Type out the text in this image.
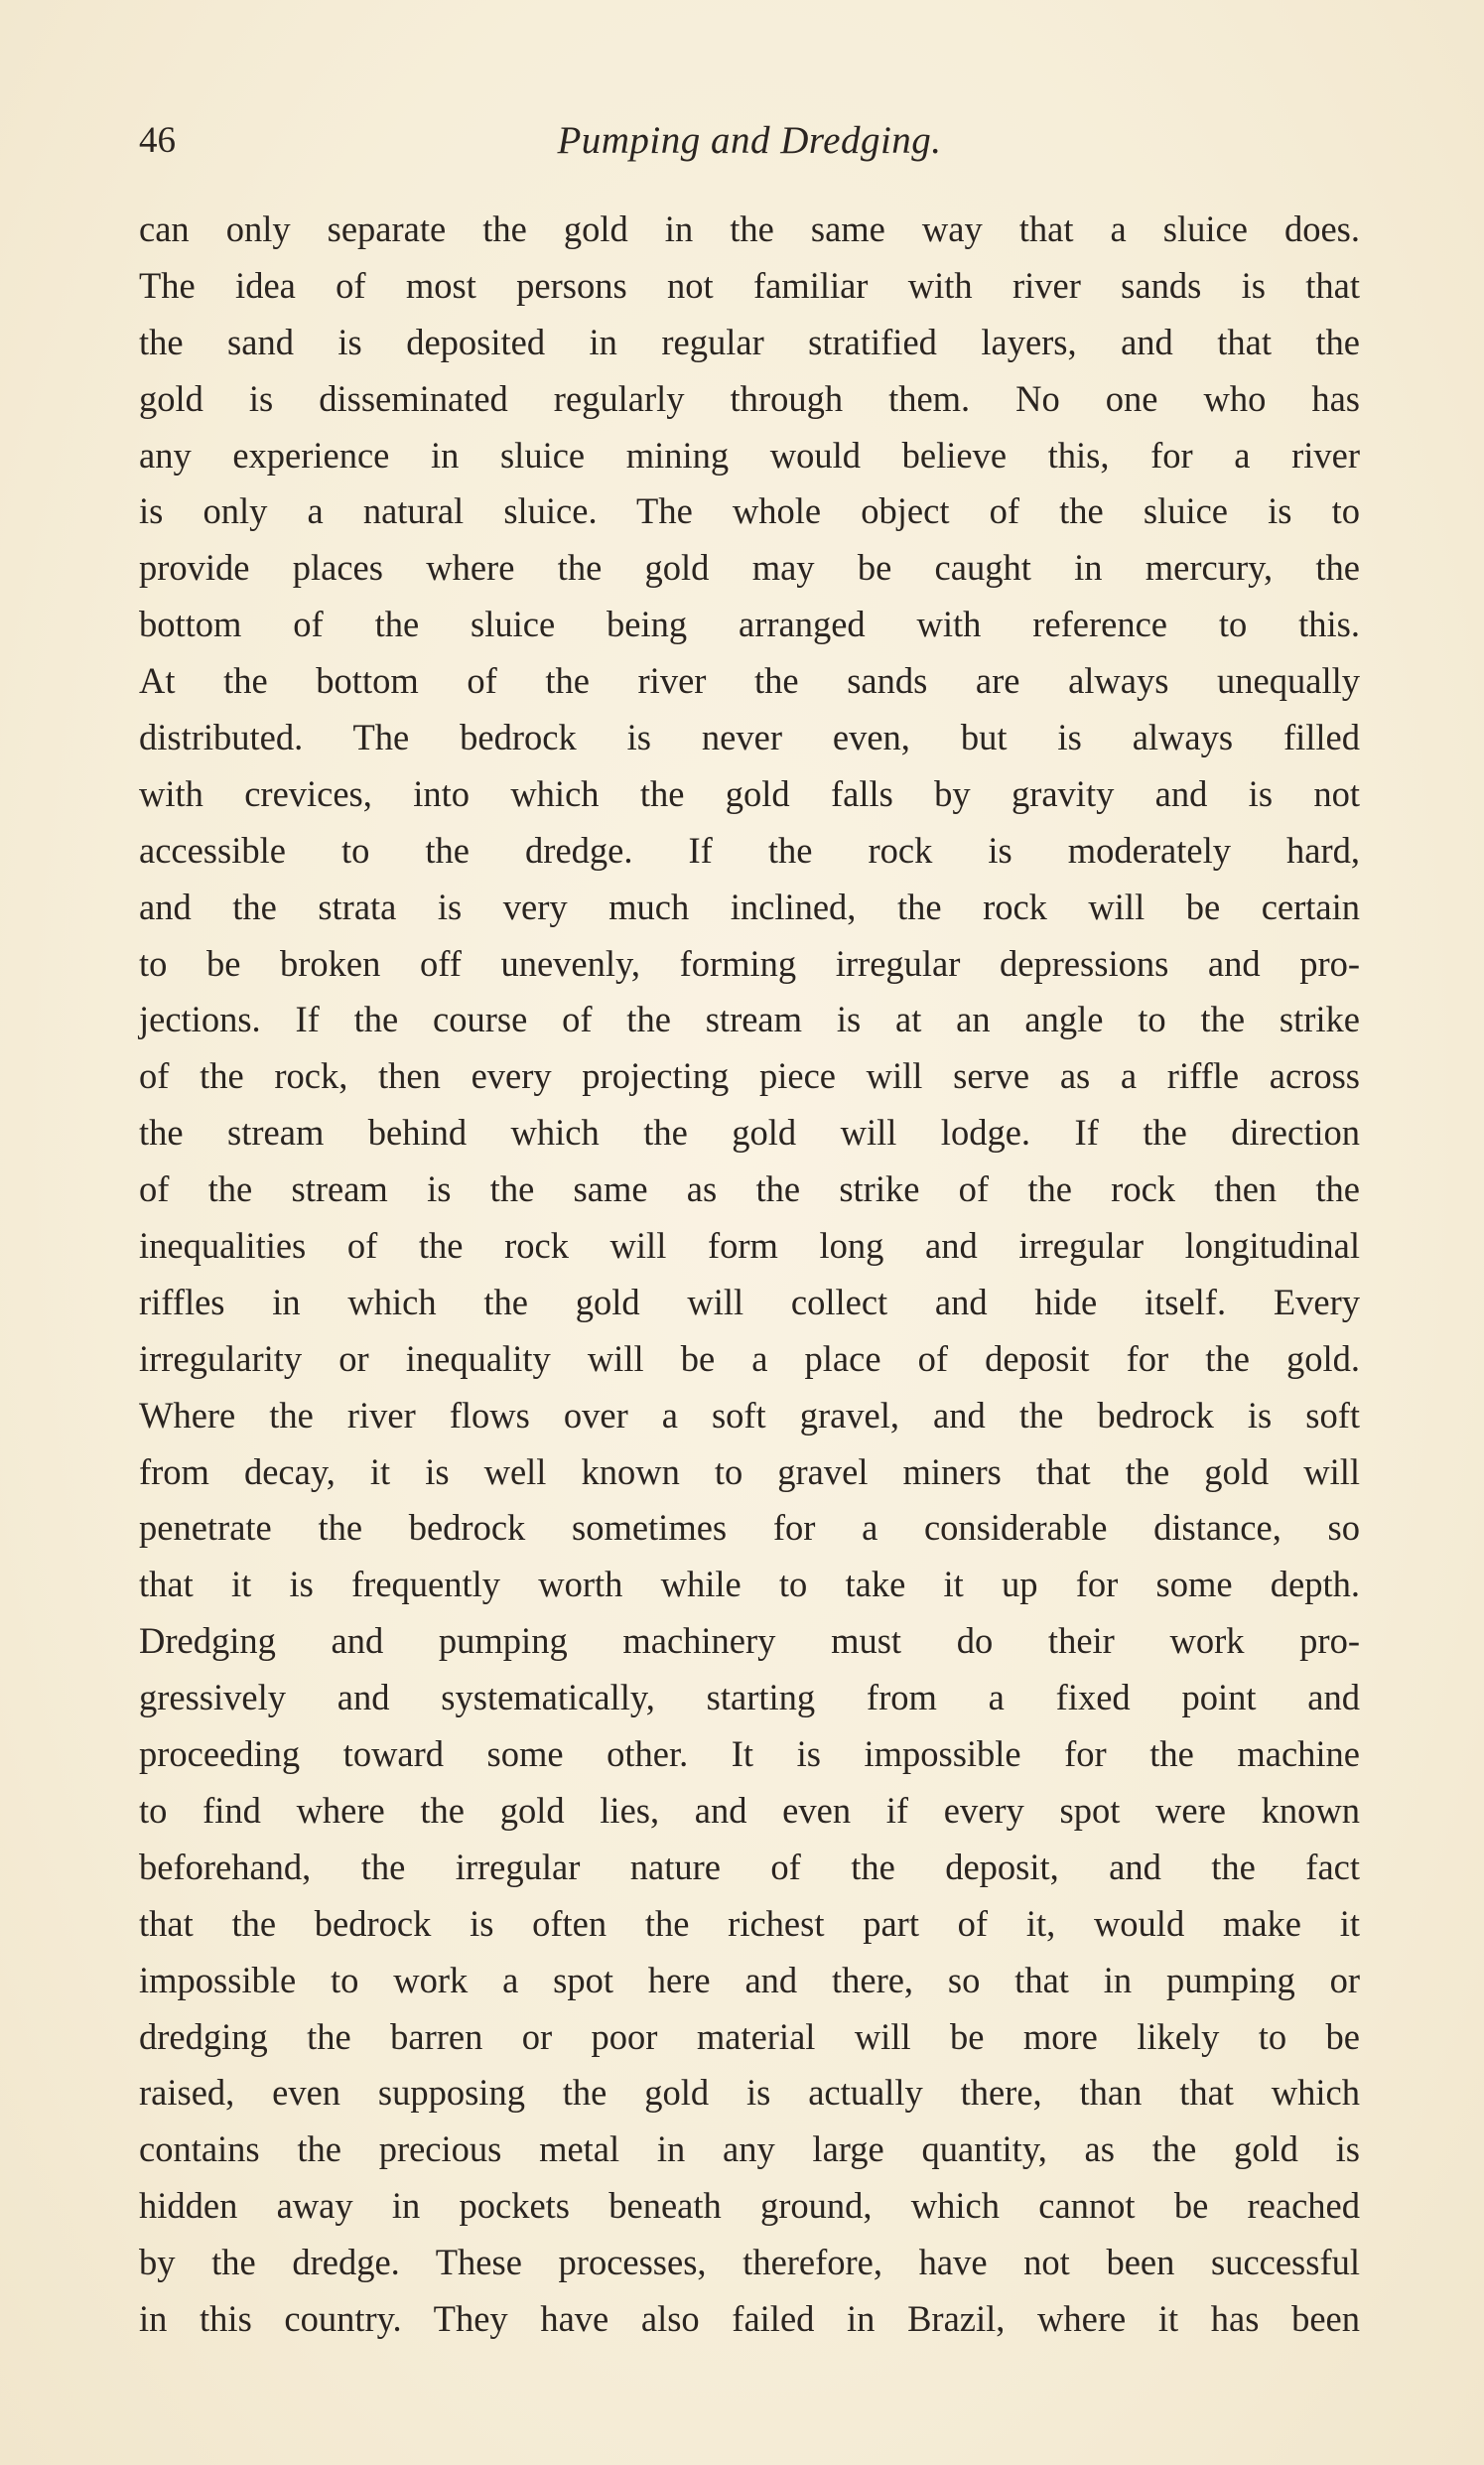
46	Pumping and Dredging.
can only separate the gold in the same way that a sluice does.
The idea of most persons not familiar with river sands is that
the sand is deposited in regular stratified layers, and that the
gold is disseminated regularly through them. No one who has
any experience in sluice mining would believe this, for a river
is only a natural sluice. The whole object of the sluice is to
provide places where the gold may be caught in mercury, the
bottom of the sluice being arranged with reference to this.
At the bottom of the river the sands are always unequally
distributed. The bedrock is never even, but is always filled
with crevices, into which the gold falls by gravity and is not
accessible to the dredge. If the rock is moderately hard,
and the strata is very much inclined, the rock will be certain
to be broken off unevenly, forming irregular depressions and pro-
jections. If the course of the stream is at an angle to the strike
of the rock, then every projecting piece will serve as a riffle across
the stream behind which the gold will lodge. If the direction
of the stream is the same as the strike of the rock then the
inequalities of the rock will form long and irregular longitudinal
riffles in which the gold will collect and hide itself. Every
irregularity or inequality will be a place of deposit for the gold.
Where the river flows over a soft gravel, and the bedrock is soft
from decay, it is well known to gravel miners that the gold will
penetrate the bedrock sometimes for a considerable distance, so
that it is frequently worth while to take it up for some depth.
Dredging and pumping machinery must do their work pro-
gressively and systematically, starting from a fixed point and
proceeding toward some other. It is impossible for the machine
to find where the gold lies, and even if every spot were known
beforehand, the irregular nature of the deposit, and the fact
that the bedrock is often the richest part of it, would make it
impossible to work a spot here and there, so that in pumping or
dredging the barren or poor material will be more likely to be
raised, even supposing the gold is actually there, than that which
contains the precious metal in any large quantity, as the gold is
hidden away in pockets beneath ground, which cannot be reached
by the dredge. These processes, therefore, have not been successful
in this country. They have also failed in Brazil, where it has been
